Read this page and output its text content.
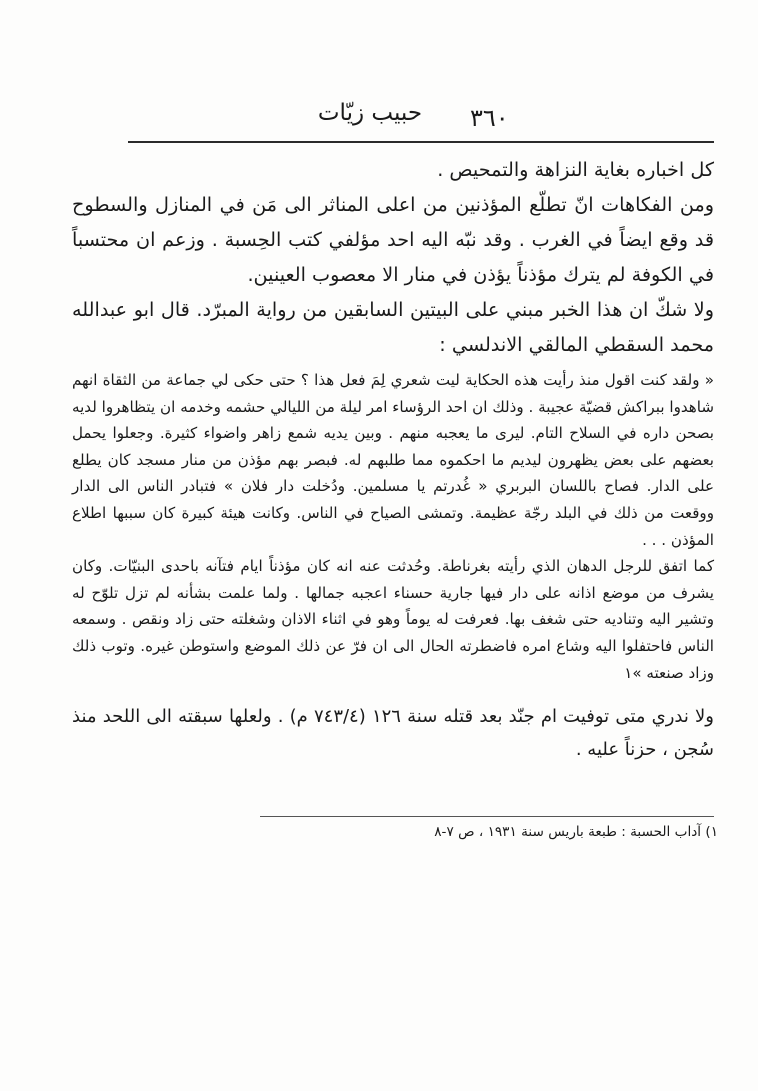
٣٦٠
حبيب زيّات

كل اخباره بغاية النزاهة والتمحيص .

ومن الفكاهات انّ تطلّع المؤذنين من اعلى المناثر الى مَن في المنازل والسطوح قد وقع ايضاً في الغرب . وقد نبّه اليه احد مؤلفي كتب الحِسبة . وزعم ان محتسباً في الكوفة لم يترك مؤذناً يؤذن في منار الا معصوب العينين.

ولا شكّ ان هذا الخبر مبني على البيتين السابقين من رواية المبرّد. قال ابو عبدالله محمد السقطي المالقي الاندلسي :

« ولقد كنت اقول منذ رأيت هذه الحكاية ليت شعري لِمَ فعل هذا ؟ حتى حكى لي جماعة من الثقاة انهم شاهدوا ببراكش قضيّة عجيبة . وذلك ان احد الرؤساء امر ليلة من الليالي حشمه وخدمه ان يتظاهروا لديه بصحن داره في السلاح التام. ليرى ما يعجبه منهم . وبين يديه شمع زاهر واضواء كثيرة. وجعلوا يحمل بعضهم على بعض يظهرون ليديم ما احكموه مما طلبهم له. فبصر بهم مؤذن من منار مسجد كان يطلع على الدار. فصاح باللسان البربري « غُدرتم يا مسلمين. ودُخلت دار فلان » فتبادر الناس الى الدار ووقعت من ذلك في البلد رجّة عظيمة. وتمشى الصياح في الناس. وكانت هيئة كبيرة كان سببها اطلاع المؤذن . . .

كما اتفق للرجل الدهان الذي رأيته بغرناطة. وحُدثت عنه انه كان مؤذناً ايام فتآنه باحدى البنيّات. وكان يشرف من موضع اذانه على دار فيها جارية حسناء اعجبه جمالها . ولما علمت بشأنه لم تزل تلوّح له وتشير اليه وتناديه حتى شغف بها. فعرفت له يوماً وهو في اثناء الاذان وشغلته حتى زاد ونقص . وسمعه الناس فاحتفلوا اليه وشاع امره فاضطرته الحال الى ان فرّ عن ذلك الموضع واستوطن غيره. وتوب ذلك وزاد صنعته »١

ولا ندري متى توفيت ام جنّد بعد قتله سنة ١٢٦ (٧٤٣/٤ م) . ولعلها سبقته الى اللحد منذ سُجن ، حزناً عليه .
١) آداب الحسبة : طبعة باريس سنة ١٩٣١ ، ص ٧-٨
